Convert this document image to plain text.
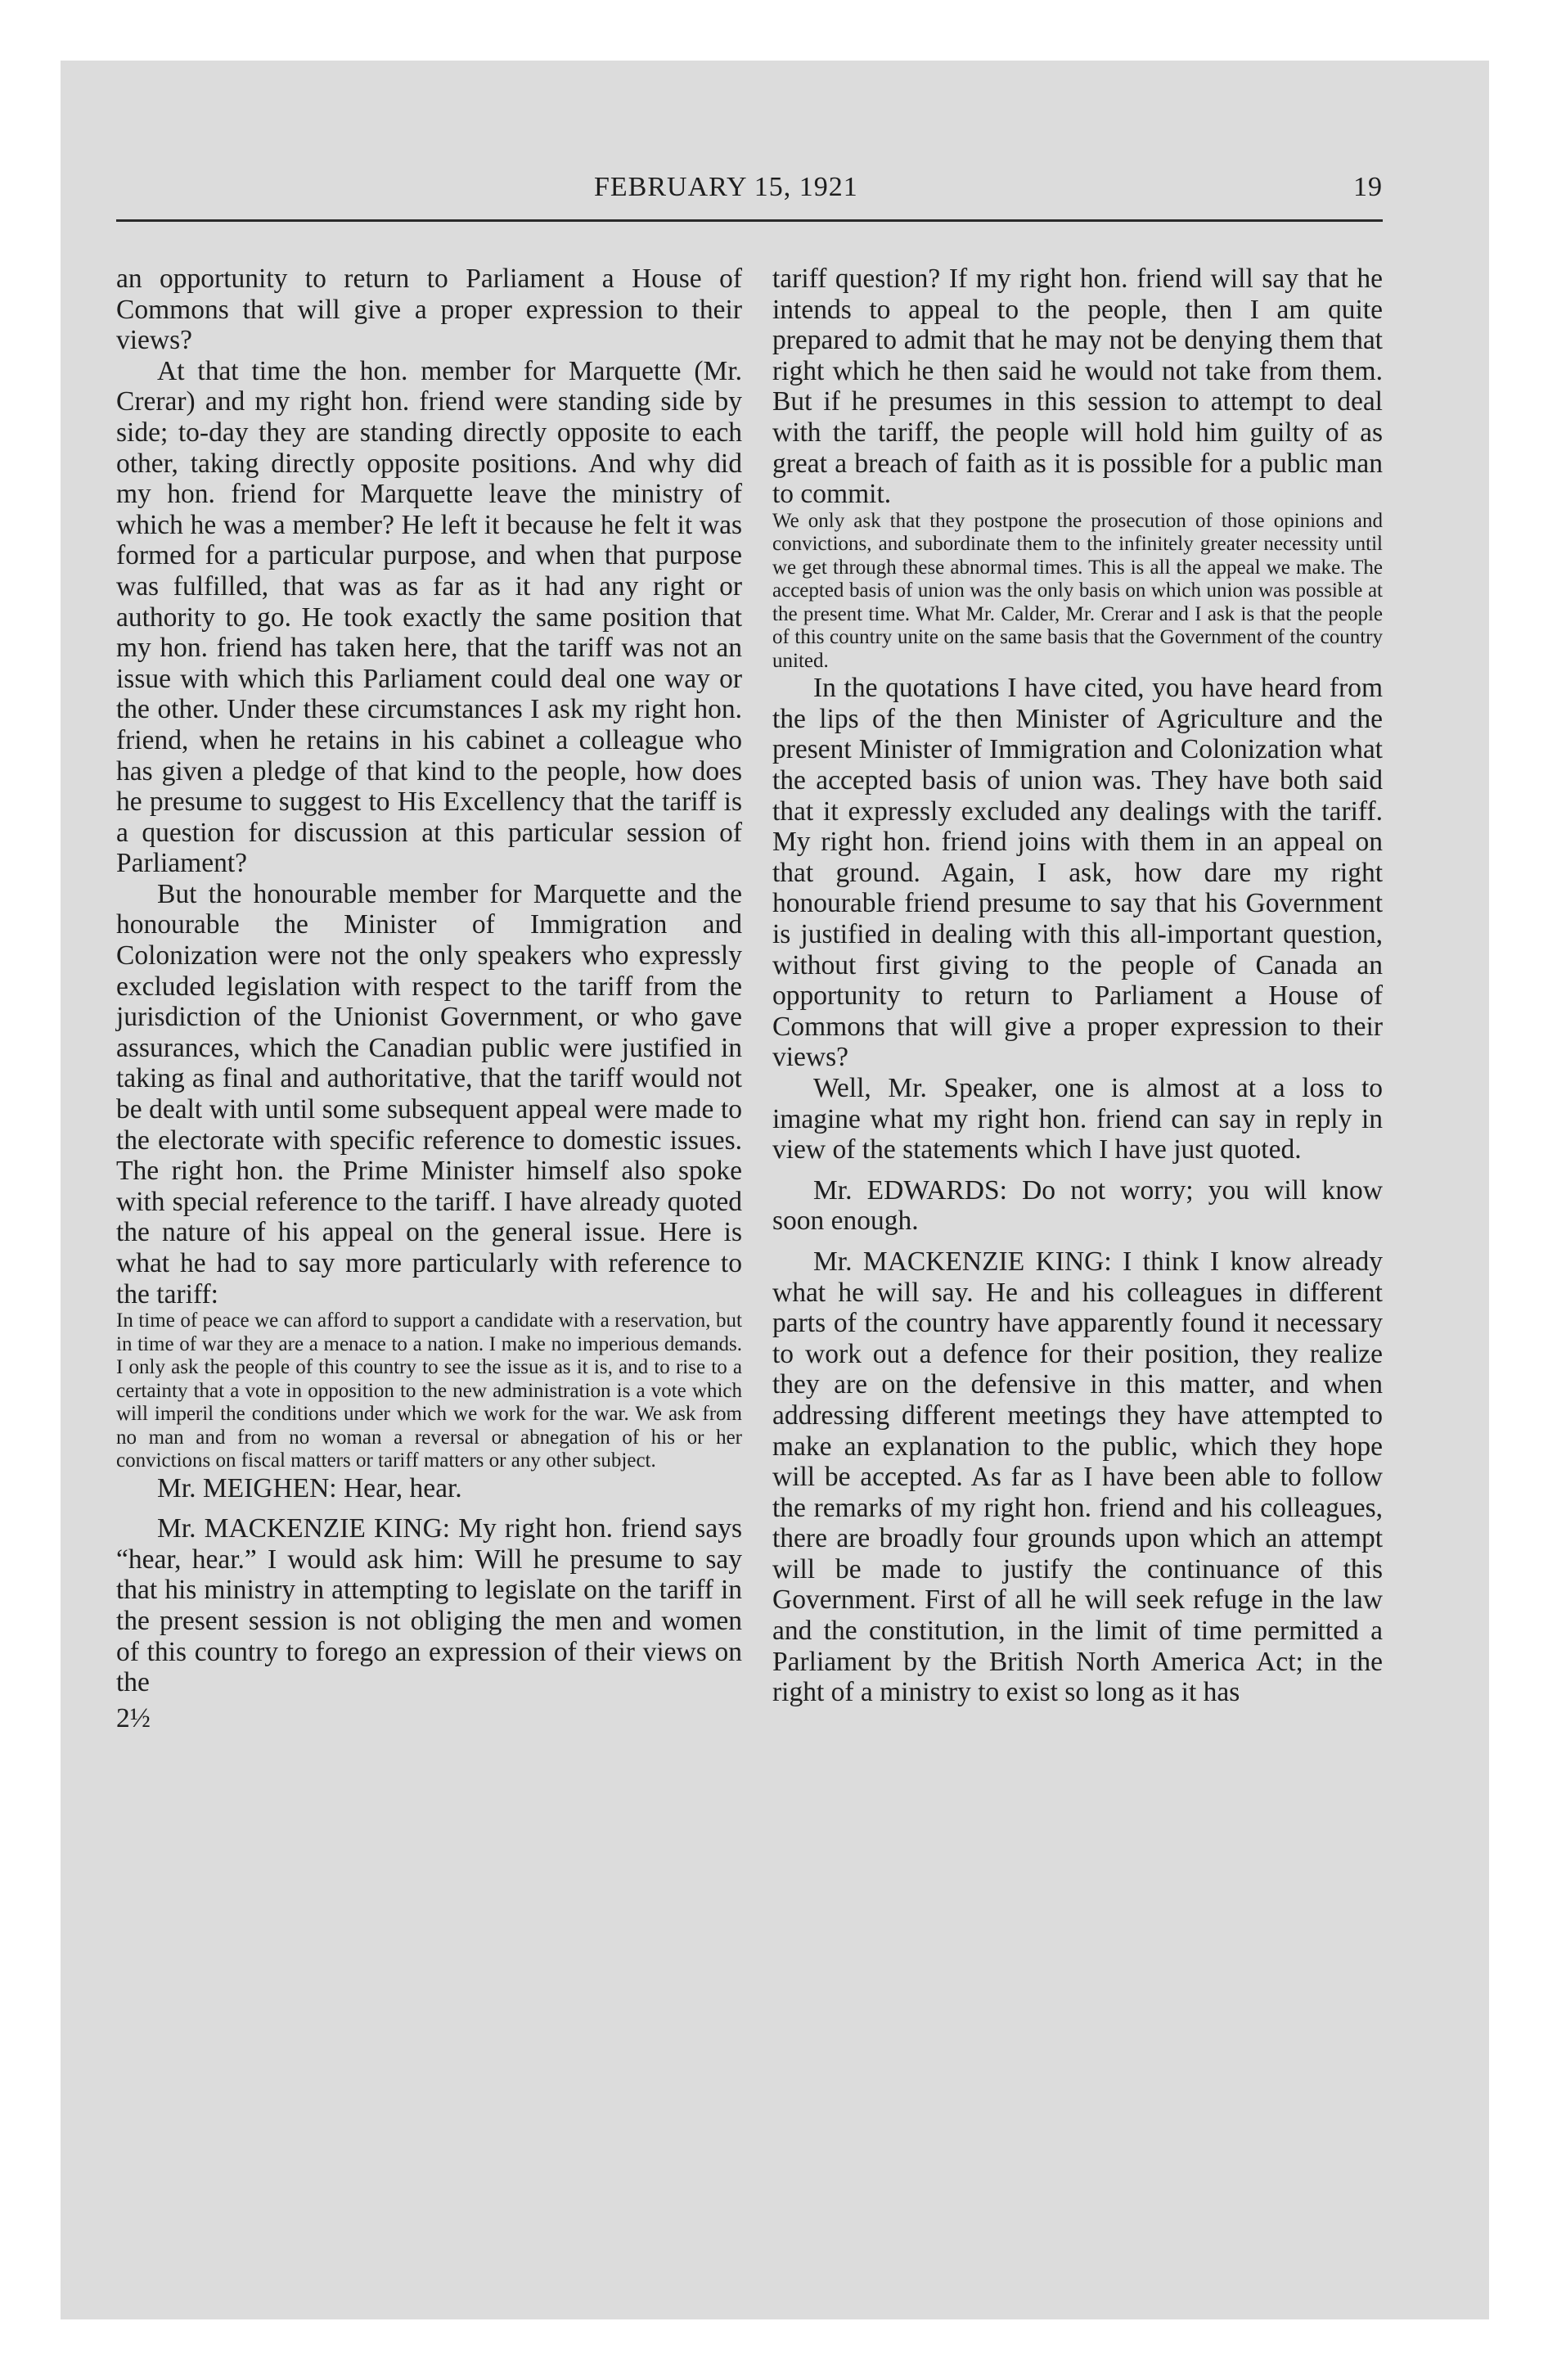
FEBRUARY 15, 1921	19

an opportunity to return to Parliament a House of Commons that will give a proper expression to their views?

At that time the hon. member for Marquette (Mr. Crerar) and my right hon. friend were standing side by side; to-day they are standing directly opposite to each other, taking directly opposite positions. And why did my hon. friend for Marquette leave the ministry of which he was a member? He left it because he felt it was formed for a particular purpose, and when that purpose was fulfilled, that was as far as it had any right or authority to go. He took exactly the same position that my hon. friend has taken here, that the tariff was not an issue with which this Parliament could deal one way or the other. Under these circumstances I ask my right hon. friend, when he retains in his cabinet a colleague who has given a pledge of that kind to the people, how does he presume to suggest to His Excellency that the tariff is a question for discussion at this particular session of Parliament?

But the honourable member for Marquette and the honourable the Minister of Immigration and Colonization were not the only speakers who expressly excluded legislation with respect to the tariff from the jurisdiction of the Unionist Government, or who gave assurances, which the Canadian public were justified in taking as final and authoritative, that the tariff would not be dealt with until some subsequent appeal were made to the electorate with specific reference to domestic issues. The right hon. the Prime Minister himself also spoke with special reference to the tariff. I have already quoted the nature of his appeal on the general issue. Here is what he had to say more particularly with reference to the tariff:

In time of peace we can afford to support a candidate with a reservation, but in time of war they are a menace to a nation. I make no imperious demands. I only ask the people of this country to see the issue as it is, and to rise to a certainty that a vote in opposition to the new administration is a vote which will imperil the conditions under which we work for the war. We ask from no man and from no woman a reversal or abnegation of his or her convictions on fiscal matters or tariff matters or any other subject.

Mr. MEIGHEN: Hear, hear.

Mr. MACKENZIE KING: My right hon. friend says “hear, hear.” I would ask him: Will he presume to say that his ministry in attempting to legislate on the tariff in the present session is not obliging the men and women of this country to forego an expression of their views on the

2½

tariff question? If my right hon. friend will say that he intends to appeal to the people, then I am quite prepared to admit that he may not be denying them that right which he then said he would not take from them. But if he presumes in this session to attempt to deal with the tariff, the people will hold him guilty of as great a breach of faith as it is possible for a public man to commit.

We only ask that they postpone the prosecution of those opinions and convictions, and subordinate them to the infinitely greater necessity until we get through these abnormal times. This is all the appeal we make. The accepted basis of union was the only basis on which union was possible at the present time. What Mr. Calder, Mr. Crerar and I ask is that the people of this country unite on the same basis that the Government of the country united.

In the quotations I have cited, you have heard from the lips of the then Minister of Agriculture and the present Minister of Immigration and Colonization what the accepted basis of union was. They have both said that it expressly excluded any dealings with the tariff. My right hon. friend joins with them in an appeal on that ground. Again, I ask, how dare my right honourable friend presume to say that his Government is justified in dealing with this all-important question, without first giving to the people of Canada an opportunity to return to Parliament a House of Commons that will give a proper expression to their views?

Well, Mr. Speaker, one is almost at a loss to imagine what my right hon. friend can say in reply in view of the statements which I have just quoted.

Mr. EDWARDS: Do not worry; you will know soon enough.

Mr. MACKENZIE KING: I think I know already what he will say. He and his colleagues in different parts of the country have apparently found it necessary to work out a defence for their position, they realize they are on the defensive in this matter, and when addressing different meetings they have attempted to make an explanation to the public, which they hope will be accepted. As far as I have been able to follow the remarks of my right hon. friend and his colleagues, there are broadly four grounds upon which an attempt will be made to justify the continuance of this Government. First of all he will seek refuge in the law and the constitution, in the limit of time permitted a Parliament by the British North America Act; in the right of a ministry to exist so long as it has
